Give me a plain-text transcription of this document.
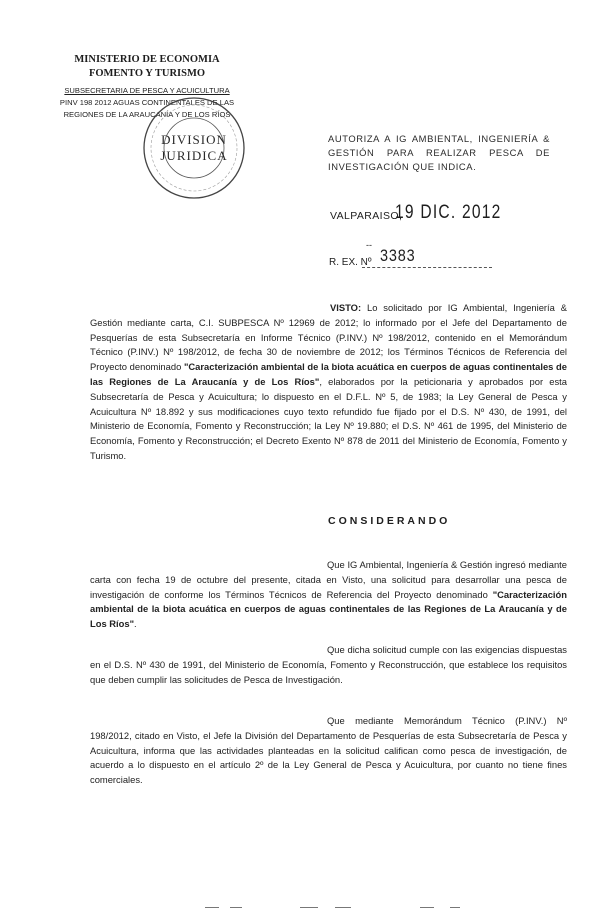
MINISTERIO DE ECONOMIA
FOMENTO Y TURISMO
SUBSECRETARIA DE PESCA Y ACUICULTURA
PINV 198 2012 AGUAS CONTINENTALES DE LAS
REGIONES DE LA ARAUCANÍA Y DE LOS RÍOS
DIVISION
JURIDICA
AUTORIZA A IG AMBIENTAL, INGENIERÍA &
GESTIÓN PARA REALIZAR PESCA DE
INVESTIGACIÓN QUE INDICA.
VALPARAISO,
19 DIC. 2012
--
R. EX. Nº 3383
VISTO: Lo solicitado por IG Ambiental, Ingeniería & Gestión mediante carta, C.I. SUBPESCA Nº 12969 de 2012; lo informado por el Jefe del Departamento de Pesquerías de esta Subsecretaría en Informe Técnico (P.INV.) Nº 198/2012, contenido en el Memorándum Técnico (P.INV.) Nº 198/2012, de fecha 30 de noviembre de 2012; los Términos Técnicos de Referencia del Proyecto denominado "Caracterización ambiental de la biota acuática en cuerpos de aguas continentales de las Regiones de La Araucanía y de Los Ríos", elaborados por la peticionaria y aprobados por esta Subsecretaría de Pesca y Acuicultura; lo dispuesto en el D.F.L. Nº 5, de 1983; la Ley General de Pesca y Acuicultura Nº 18.892 y sus modificaciones cuyo texto refundido fue fijado por el D.S. Nº 430, de 1991, del Ministerio de Economía, Fomento y Reconstrucción; la Ley Nº 19.880; el D.S. Nº 461 de 1995, del Ministerio de Economía, Fomento y Reconstrucción; el Decreto Exento Nº 878 de 2011 del Ministerio de Economía, Fomento y Turismo.
CONSIDERANDO
Que IG Ambiental, Ingeniería & Gestión ingresó mediante carta con fecha 19 de octubre del presente, citada en Visto, una solicitud para desarrollar una pesca de investigación de conforme los Términos Técnicos de Referencia del Proyecto denominado "Caracterización ambiental de la biota acuática en cuerpos de aguas continentales de las Regiones de La Araucanía y de Los Ríos".
Que dicha solicitud cumple con las exigencias dispuestas en el D.S. Nº 430 de 1991, del Ministerio de Economía, Fomento y Reconstrucción, que establece los requisitos que deben cumplir las solicitudes de Pesca de Investigación.
Que mediante Memorándum Técnico (P.INV.) Nº 198/2012, citado en Visto, el Jefe la División del Departamento de Pesquerías de esta Subsecretaría de Pesca y Acuicultura, informa que las actividades planteadas en la solicitud califican como pesca de investigación, de acuerdo a lo dispuesto en el artículo 2º de la Ley General de Pesca y Acuicultura, por cuanto no tiene fines comerciales.
